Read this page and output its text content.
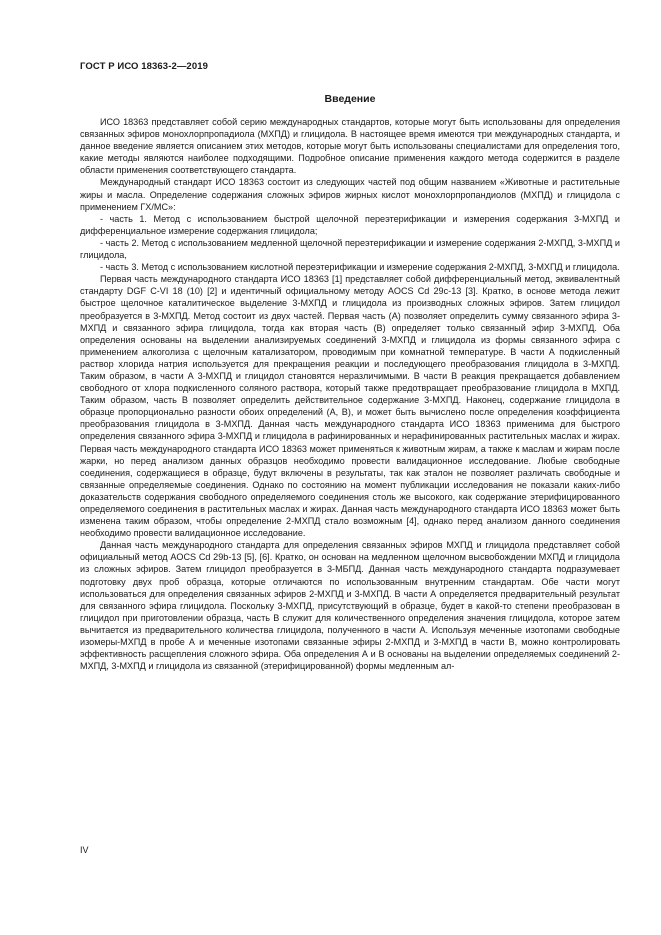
ГОСТ Р ИСО 18363-2—2019
Введение

ИСО 18363 представляет собой серию международных стандартов, которые могут быть использованы для определения связанных эфиров монохлорпропадиола (МХПД) и глицидола. В настоящее время имеются три международных стандарта, и данное введение является описанием этих методов, которые могут быть использованы специалистами для определения того, какие методы являются наиболее подходящими. Подробное описание применения каждого метода содержится в разделе области применения соответствующего стандарта.

Международный стандарт ИСО 18363 состоит из следующих частей под общим названием «Животные и растительные жиры и масла. Определение содержания сложных эфиров жирных кислот монохлорпропандиолов (МХПД) и глицидола с применением ГХ/МС»:

- часть 1. Метод с использованием быстрой щелочной переэтерификации и измерения содержания 3-МХПД и дифференциальное измерение содержания глицидола;

- часть 2. Метод с использованием медленной щелочной переэтерификации и измерение содержания 2-МХПД, 3-МХПД и глицидола,

- часть 3. Метод с использованием кислотной переэтерификации и измерение содержания 2-МХПД, 3-МХПД и глицидола.

Первая часть международного стандарта ИСО 18363 [1] представляет собой дифференциальный метод, эквивалентный стандарту DGF C-VI 18 (10) [2] и идентичный официальному методу AOCS Cd 29c-13 [3]. Кратко, в основе метода лежит быстрое щелочное каталитическое выделение 3-МХПД и глицидола из производных сложных эфиров. Затем глицидол преобразуется в 3-МХПД. Метод состоит из двух частей. Первая часть (А) позволяет определить сумму связанного эфира 3-МХПД и связанного эфира глицидола, тогда как вторая часть (В) определяет только связанный эфир 3-МХПД. Оба определения основаны на выделении анализируемых соединений 3-МХПД и глицидола из формы связанного эфира с применением алкоголиза с щелочным катализатором, проводимым при комнатной температуре. В части А подкисленный раствор хлорида натрия используется для прекращения реакции и последующего преобразования глицидола в 3-МХПД. Таким образом, в части А 3-МХПД и глицидол становятся неразличимыми. В части В реакция прекращается добавлением свободного от хлора подкисленного соляного раствора, который также предотвращает преобразование глицидола в МХПД. Таким образом, часть В позволяет определить действительное содержание 3-МХПД. Наконец, содержание глицидола в образце пропорционально разности обоих определений (А, В), и может быть вычислено после определения коэффициента преобразования глицидола в 3-МХПД. Данная часть международного стандарта ИСО 18363 применима для быстрого определения связанного эфира 3-МХПД и глицидола в рафинированных и нерафинированных растительных маслах и жирах. Первая часть международного стандарта ИСО 18363 может применяться к животным жирам, а также к маслам и жирам после жарки, но перед анализом данных образцов необходимо провести валидационное исследование. Любые свободные соединения, содержащиеся в образце, будут включены в результаты, так как эталон не позволяет различать свободные и связанные определяемые соединения. Однако по состоянию на момент публикации исследования не показали каких-либо доказательств содержания свободного определяемого соединения столь же высокого, как содержание этерифицированного определяемого соединения в растительных маслах и жирах. Данная часть международного стандарта ИСО 18363 может быть изменена таким образом, чтобы определение 2-МХПД стало возможным [4], однако перед анализом данного соединения необходимо провести валидационное исследование.

Данная часть международного стандарта для определения связанных эфиров МХПД и глицидола представляет собой официальный метод AOCS Cd 29b-13 [5], [6]. Кратко, он основан на медленном щелочном высвобождении МХПД и глицидола из сложных эфиров. Затем глицидол преобразуется в 3-МБПД. Данная часть международного стандарта подразумевает подготовку двух проб образца, которые отличаются по использованным внутренним стандартам. Обе части могут использоваться для определения связанных эфиров 2-МХПД и 3-МХПД. В части А определяется предварительный результат для связанного эфира глицидола. Поскольку 3-МХПД, присутствующий в образце, будет в какой-то степени преобразован в глицидол при приготовлении образца, часть В служит для количественного определения значения глицидола, которое затем вычитается из предварительного количества глицидола, полученного в части А. Используя меченные изотопами свободные изомеры-МХПД в пробе А и меченные изотопами связанные эфиры 2-МХПД и 3-МХПД в части В, можно контролировать эффективность расщепления сложного эфира. Оба определения А и В основаны на выделении определяемых соединений 2-МХПД, 3-МХПД и глицидола из связанной (этерифицированной) формы медленным ал-

IV
